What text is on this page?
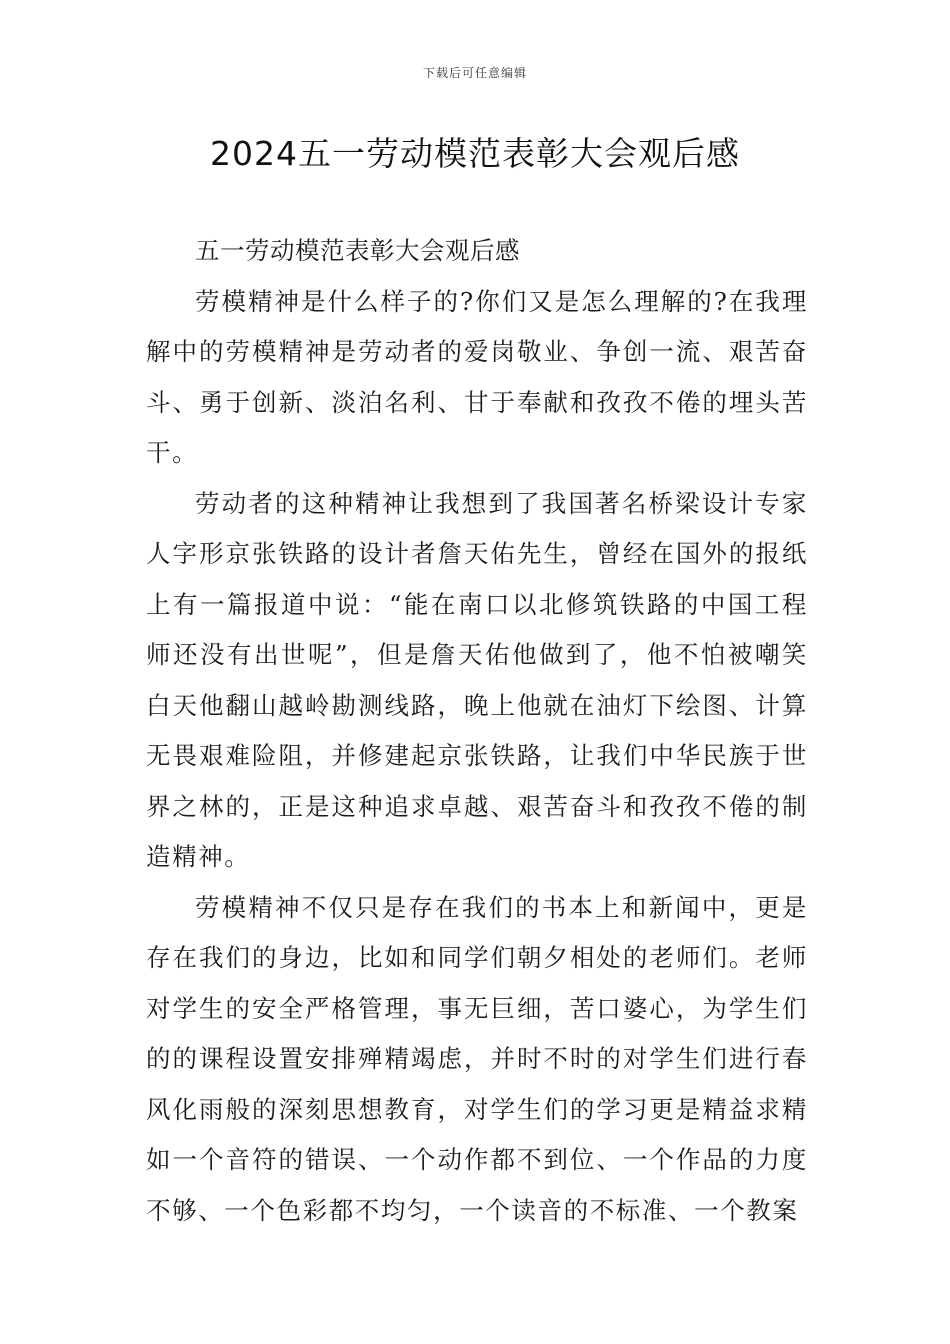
下载后可任意编辑
2024五一劳动模范表彰大会观后感

五一劳动模范表彰大会观后感

劳模精神是什么样子的?你们又是怎么理解的?在我理解中的劳模精神是劳动者的爱岗敬业、争创一流、艰苦奋斗、勇于创新、淡泊名利、甘于奉献和孜孜不倦的埋头苦干。

劳动者的这种精神让我想到了我国著名桥梁设计专家人字形京张铁路的设计者詹天佑先生，曾经在国外的报纸上有一篇报道中说：“能在南口以北修筑铁路的中国工程师还没有出世呢”，但是詹天佑他做到了，他不怕被嘲笑白天他翻山越岭勘测线路，晚上他就在油灯下绘图、计算无畏艰难险阻，并修建起京张铁路，让我们中华民族于世界之林的，正是这种追求卓越、艰苦奋斗和孜孜不倦的制造精神。

劳模精神不仅只是存在我们的书本上和新闻中，更是存在我们的身边，比如和同学们朝夕相处的老师们。老师对学生的安全严格管理，事无巨细，苦口婆心，为学生们的的课程设置安排殚精竭虑，并时不时的对学生们进行春风化雨般的深刻思想教育，对学生们的学习更是精益求精如一个音符的错误、一个动作都不到位、一个作品的力度不够、一个色彩都不均匀，一个读音的不标准、一个教案
